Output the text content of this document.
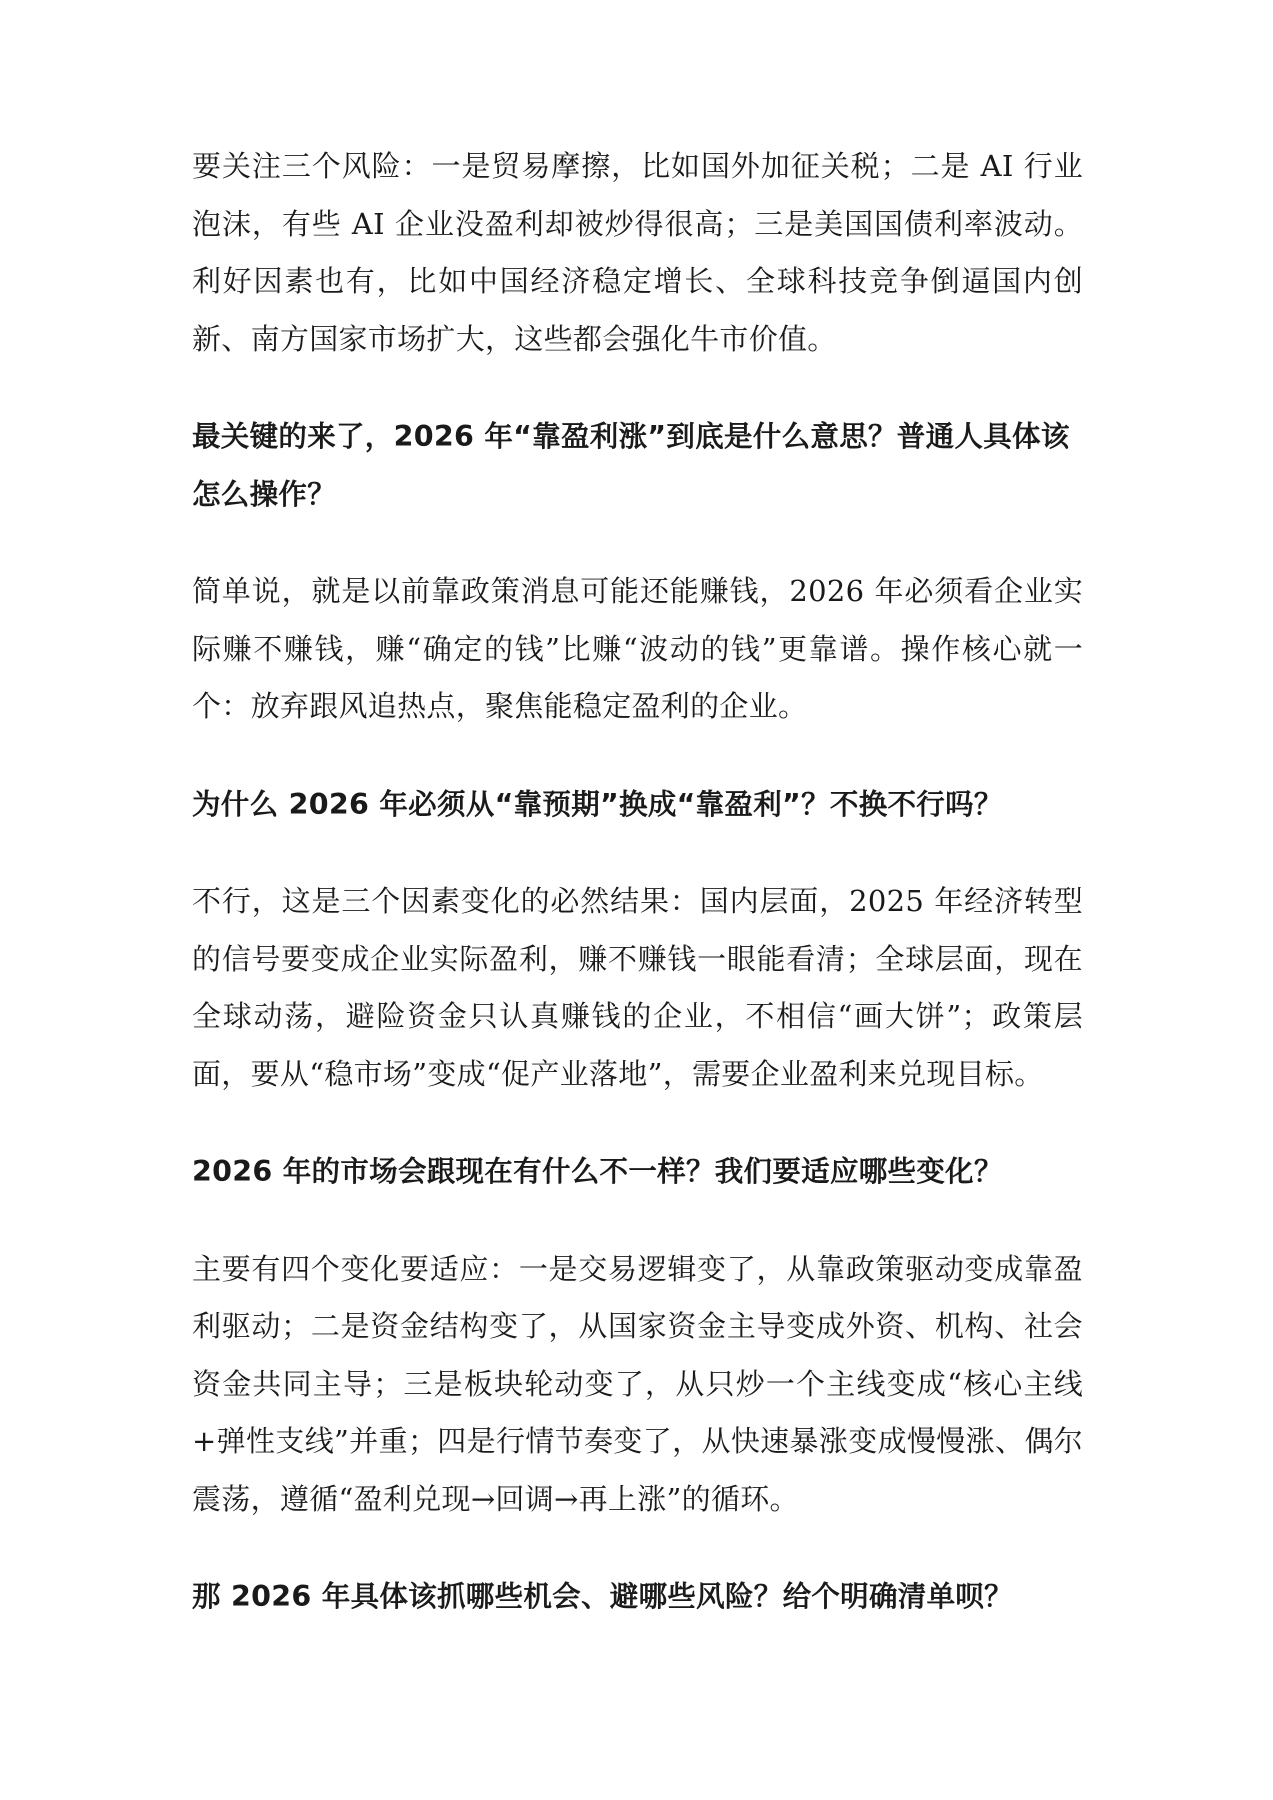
要关注三个风险：一是贸易摩擦，比如国外加征关税；二是 AI 行业泡沫，有些 AI 企业没盈利却被炒得很高；三是美国国债利率波动。利好因素也有，比如中国经济稳定增长、全球科技竞争倒逼国内创新、南方国家市场扩大，这些都会强化牛市价值。

最关键的来了，2026 年“靠盈利涨”到底是什么意思？普通人具体该怎么操作？

简单说，就是以前靠政策消息可能还能赚钱，2026 年必须看企业实际赚不赚钱，赚“确定的钱”比赚“波动的钱”更靠谱。操作核心就一个：放弃跟风追热点，聚焦能稳定盈利的企业。

为什么 2026 年必须从“靠预期”换成“靠盈利”？不换不行吗？

不行，这是三个因素变化的必然结果：国内层面，2025 年经济转型的信号要变成企业实际盈利，赚不赚钱一眼能看清；全球层面，现在全球动荡，避险资金只认真赚钱的企业，不相信“画大饼”；政策层面，要从“稳市场”变成“促产业落地”，需要企业盈利来兑现目标。

2026 年的市场会跟现在有什么不一样？我们要适应哪些变化？

主要有四个变化要适应：一是交易逻辑变了，从靠政策驱动变成靠盈利驱动；二是资金结构变了，从国家资金主导变成外资、机构、社会资金共同主导；三是板块轮动变了，从只炒一个主线变成“核心主线+弹性支线”并重；四是行情节奏变了，从快速暴涨变成慢慢涨、偶尔震荡，遵循“盈利兑现→回调→再上涨”的循环。

那 2026 年具体该抓哪些机会、避哪些风险？给个明确清单呗？
